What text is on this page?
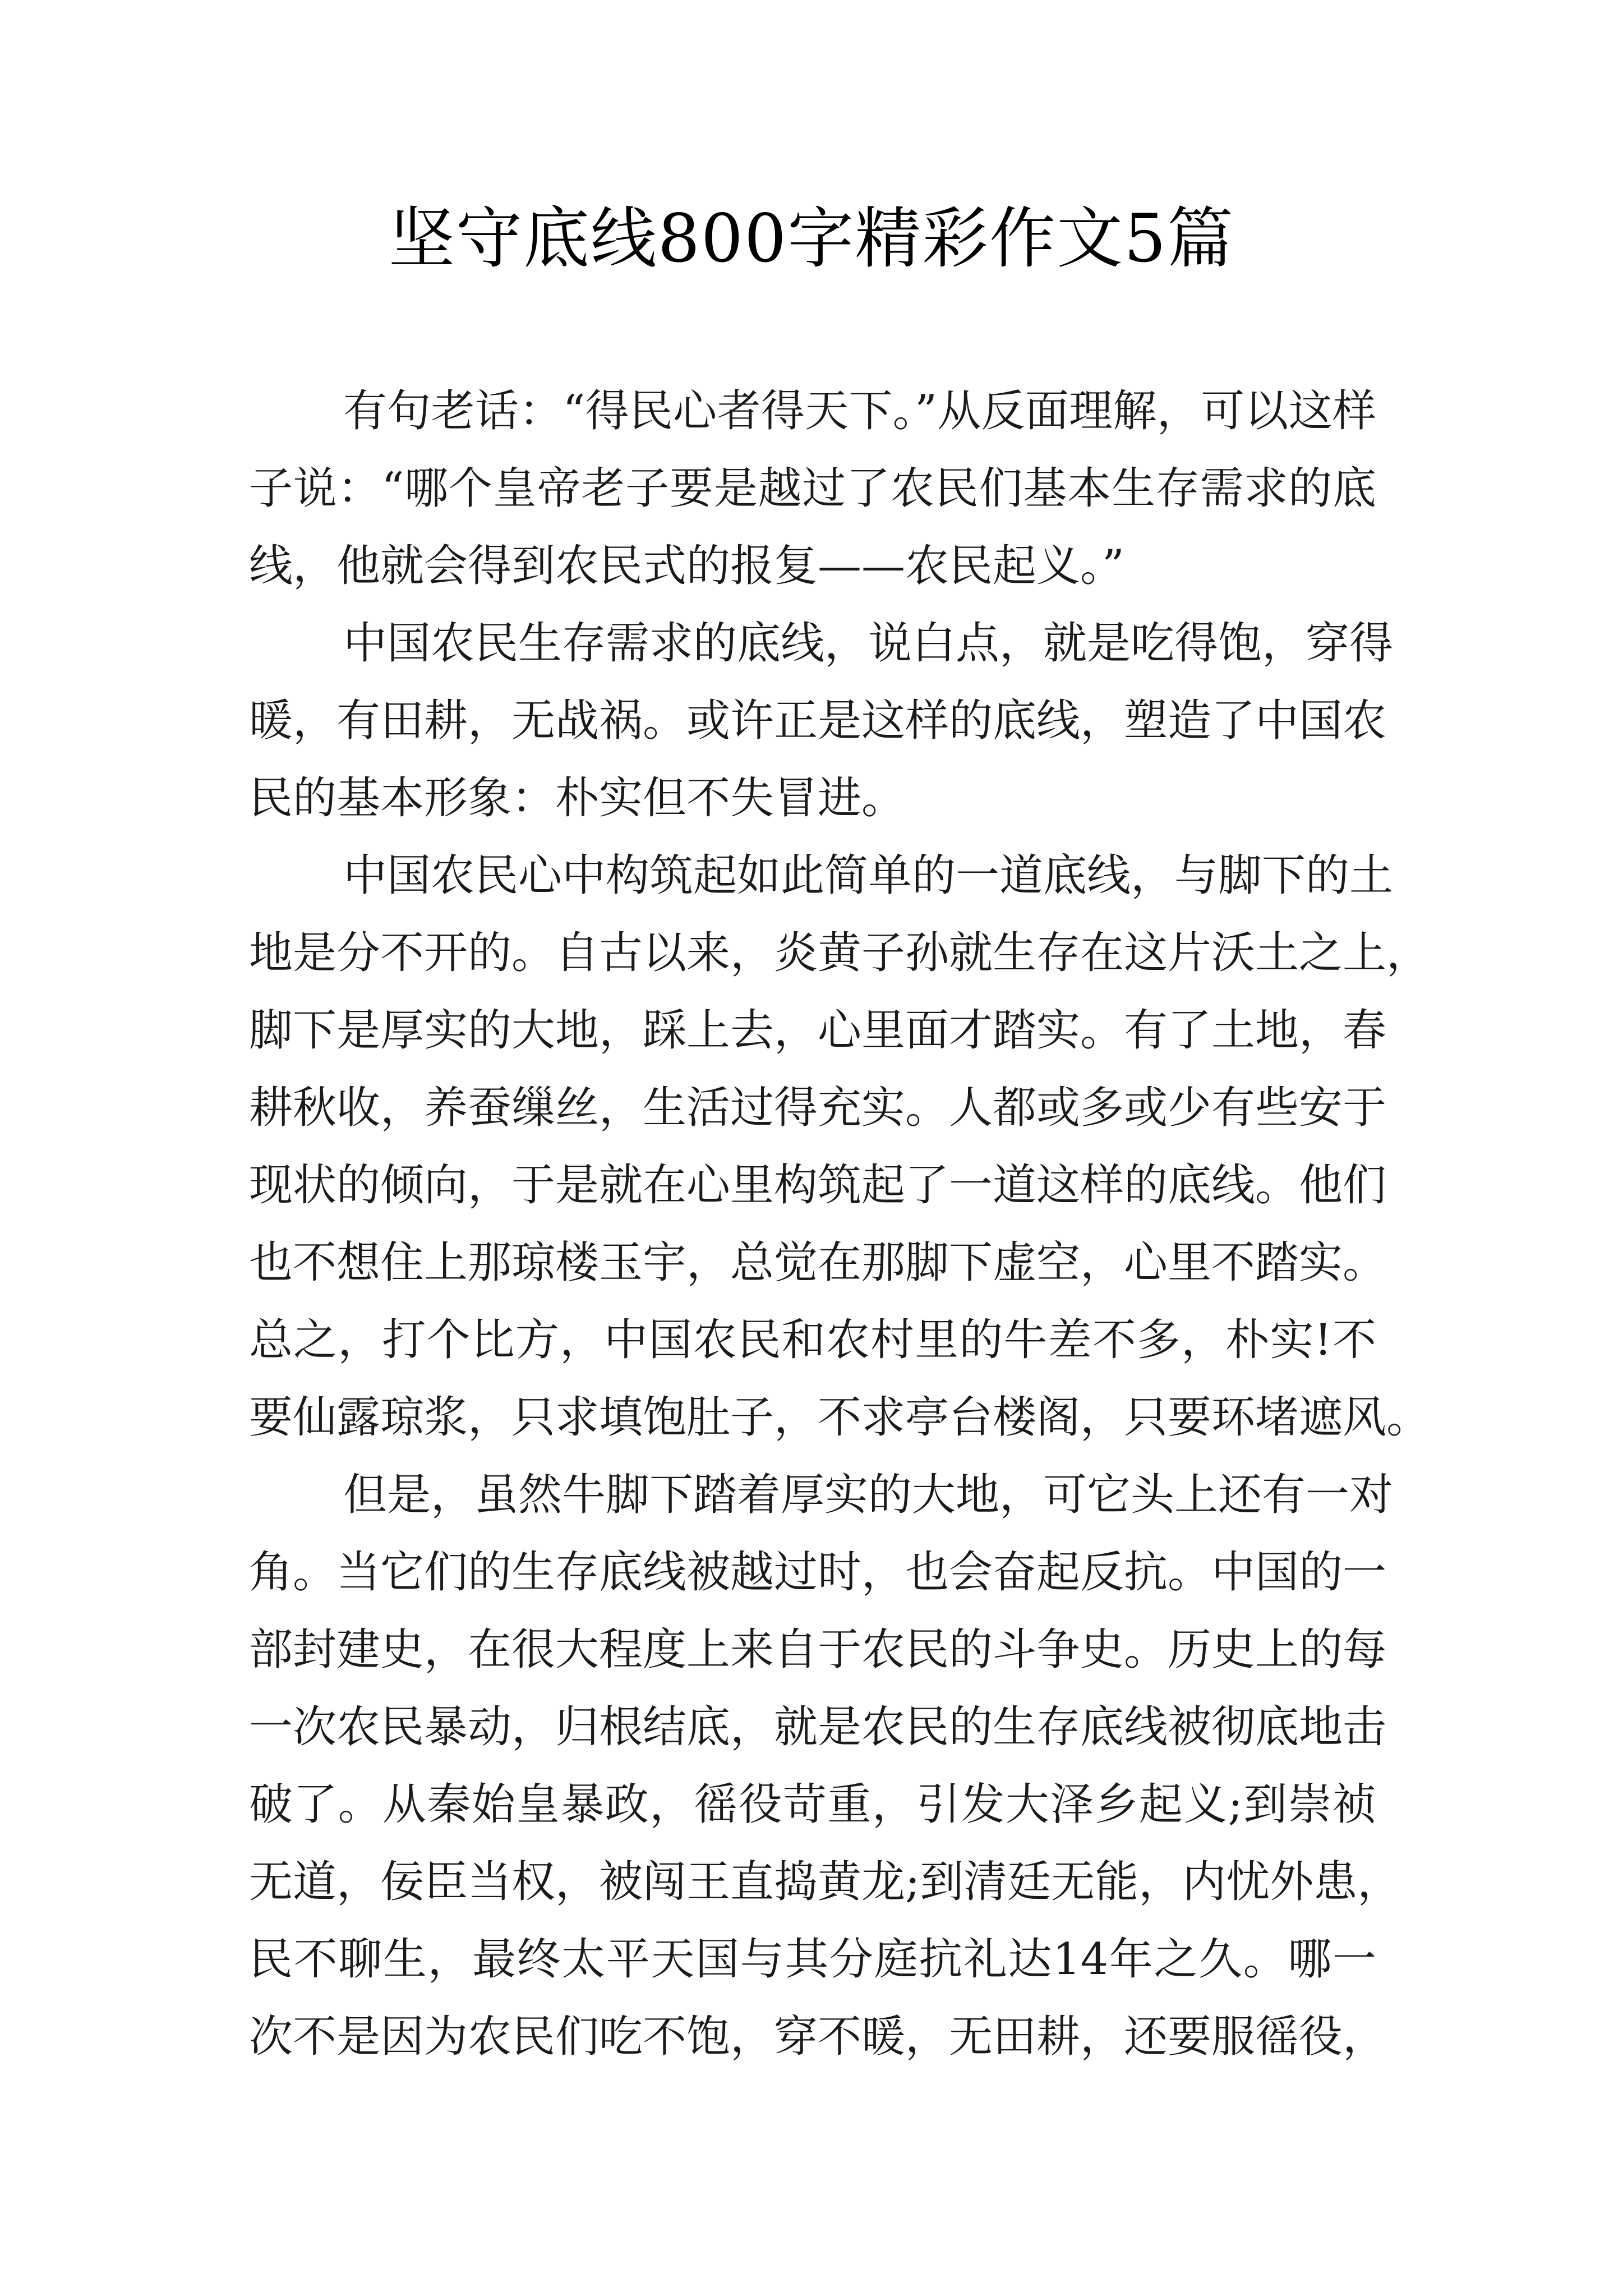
坚守底线800字精彩作文5篇
有句老话：“得民心者得天下。”从反面理解，可以这样
子说：“哪个皇帝老子要是越过了农民们基本生存需求的底
线，他就会得到农民式的报复——农民起义。”
中国农民生存需求的底线，说白点，就是吃得饱，穿得
暖，有田耕，无战祸。或许正是这样的底线，塑造了中国农
民的基本形象：朴实但不失冒进。
中国农民心中构筑起如此简单的一道底线，与脚下的土
地是分不开的。自古以来，炎黄子孙就生存在这片沃土之上，
脚下是厚实的大地，踩上去，心里面才踏实。有了土地，春
耕秋收，养蚕缫丝，生活过得充实。人都或多或少有些安于
现状的倾向，于是就在心里构筑起了一道这样的底线。他们
也不想住上那琼楼玉宇，总觉在那脚下虚空，心里不踏实。
总之，打个比方，中国农民和农村里的牛差不多，朴实!不
要仙露琼浆，只求填饱肚子，不求亭台楼阁，只要环堵遮风。
但是，虽然牛脚下踏着厚实的大地，可它头上还有一对
角。当它们的生存底线被越过时，也会奋起反抗。中国的一
部封建史，在很大程度上来自于农民的斗争史。历史上的每
一次农民暴动，归根结底，就是农民的生存底线被彻底地击
破了。从秦始皇暴政，徭役苛重，引发大泽乡起义;到崇祯
无道，佞臣当权，被闯王直捣黄龙;到清廷无能，内忧外患，
民不聊生，最终太平天国与其分庭抗礼达14年之久。哪一
次不是因为农民们吃不饱，穿不暖，无田耕，还要服徭役，
